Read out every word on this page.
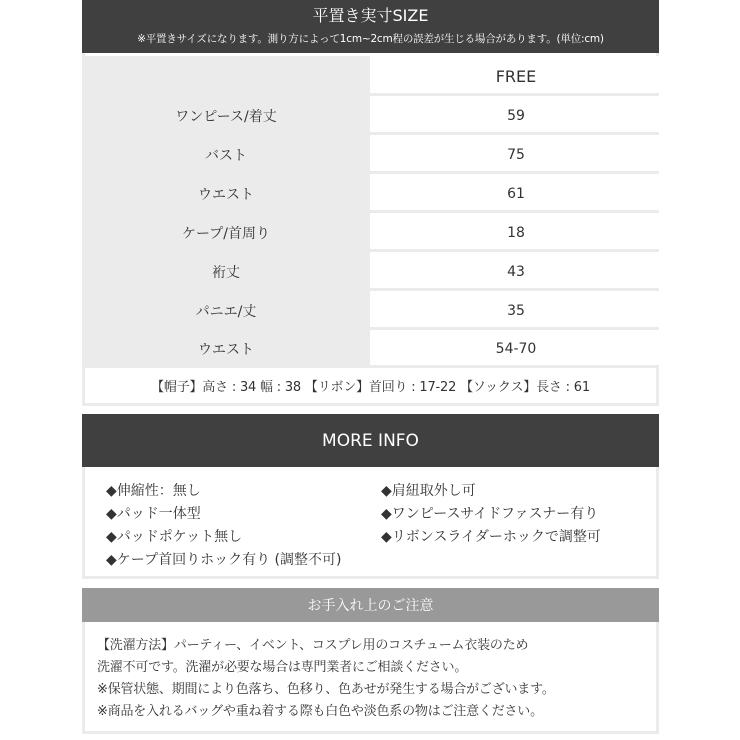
平置き実寸SIZE
※平置きサイズになります。測り方によって1cm~2cm程の誤差が生じる場合があります。(単位:cm)
FREE
ワンピース/着丈	59
バスト	75
ウエスト	61
ケープ/首周り	18
裄丈	43
パニエ/丈	35
ウエスト	54-70
【帽子】高さ : 34 幅 : 38 【リボン】首回り : 17-22 【ソックス】長さ : 61
MORE INFO
◆伸縮性：無し
◆パッド一体型
◆パッドポケット無し
◆ケープ首回りホック有り (調整不可)
◆肩紐取外し可
◆ワンピースサイドファスナー有り
◆リボンスライダーホックで調整可
お手入れ上のご注意
【洗濯方法】パーティー、イベント、コスプレ用のコスチューム衣装のため
洗濯不可です。洗濯が必要な場合は専門業者にご相談ください。
※保管状態、期間により色落ち、色移り、色あせが発生する場合がございます。
※商品を入れるバッグや重ね着する際も白色や淡色系の物はご注意ください。
